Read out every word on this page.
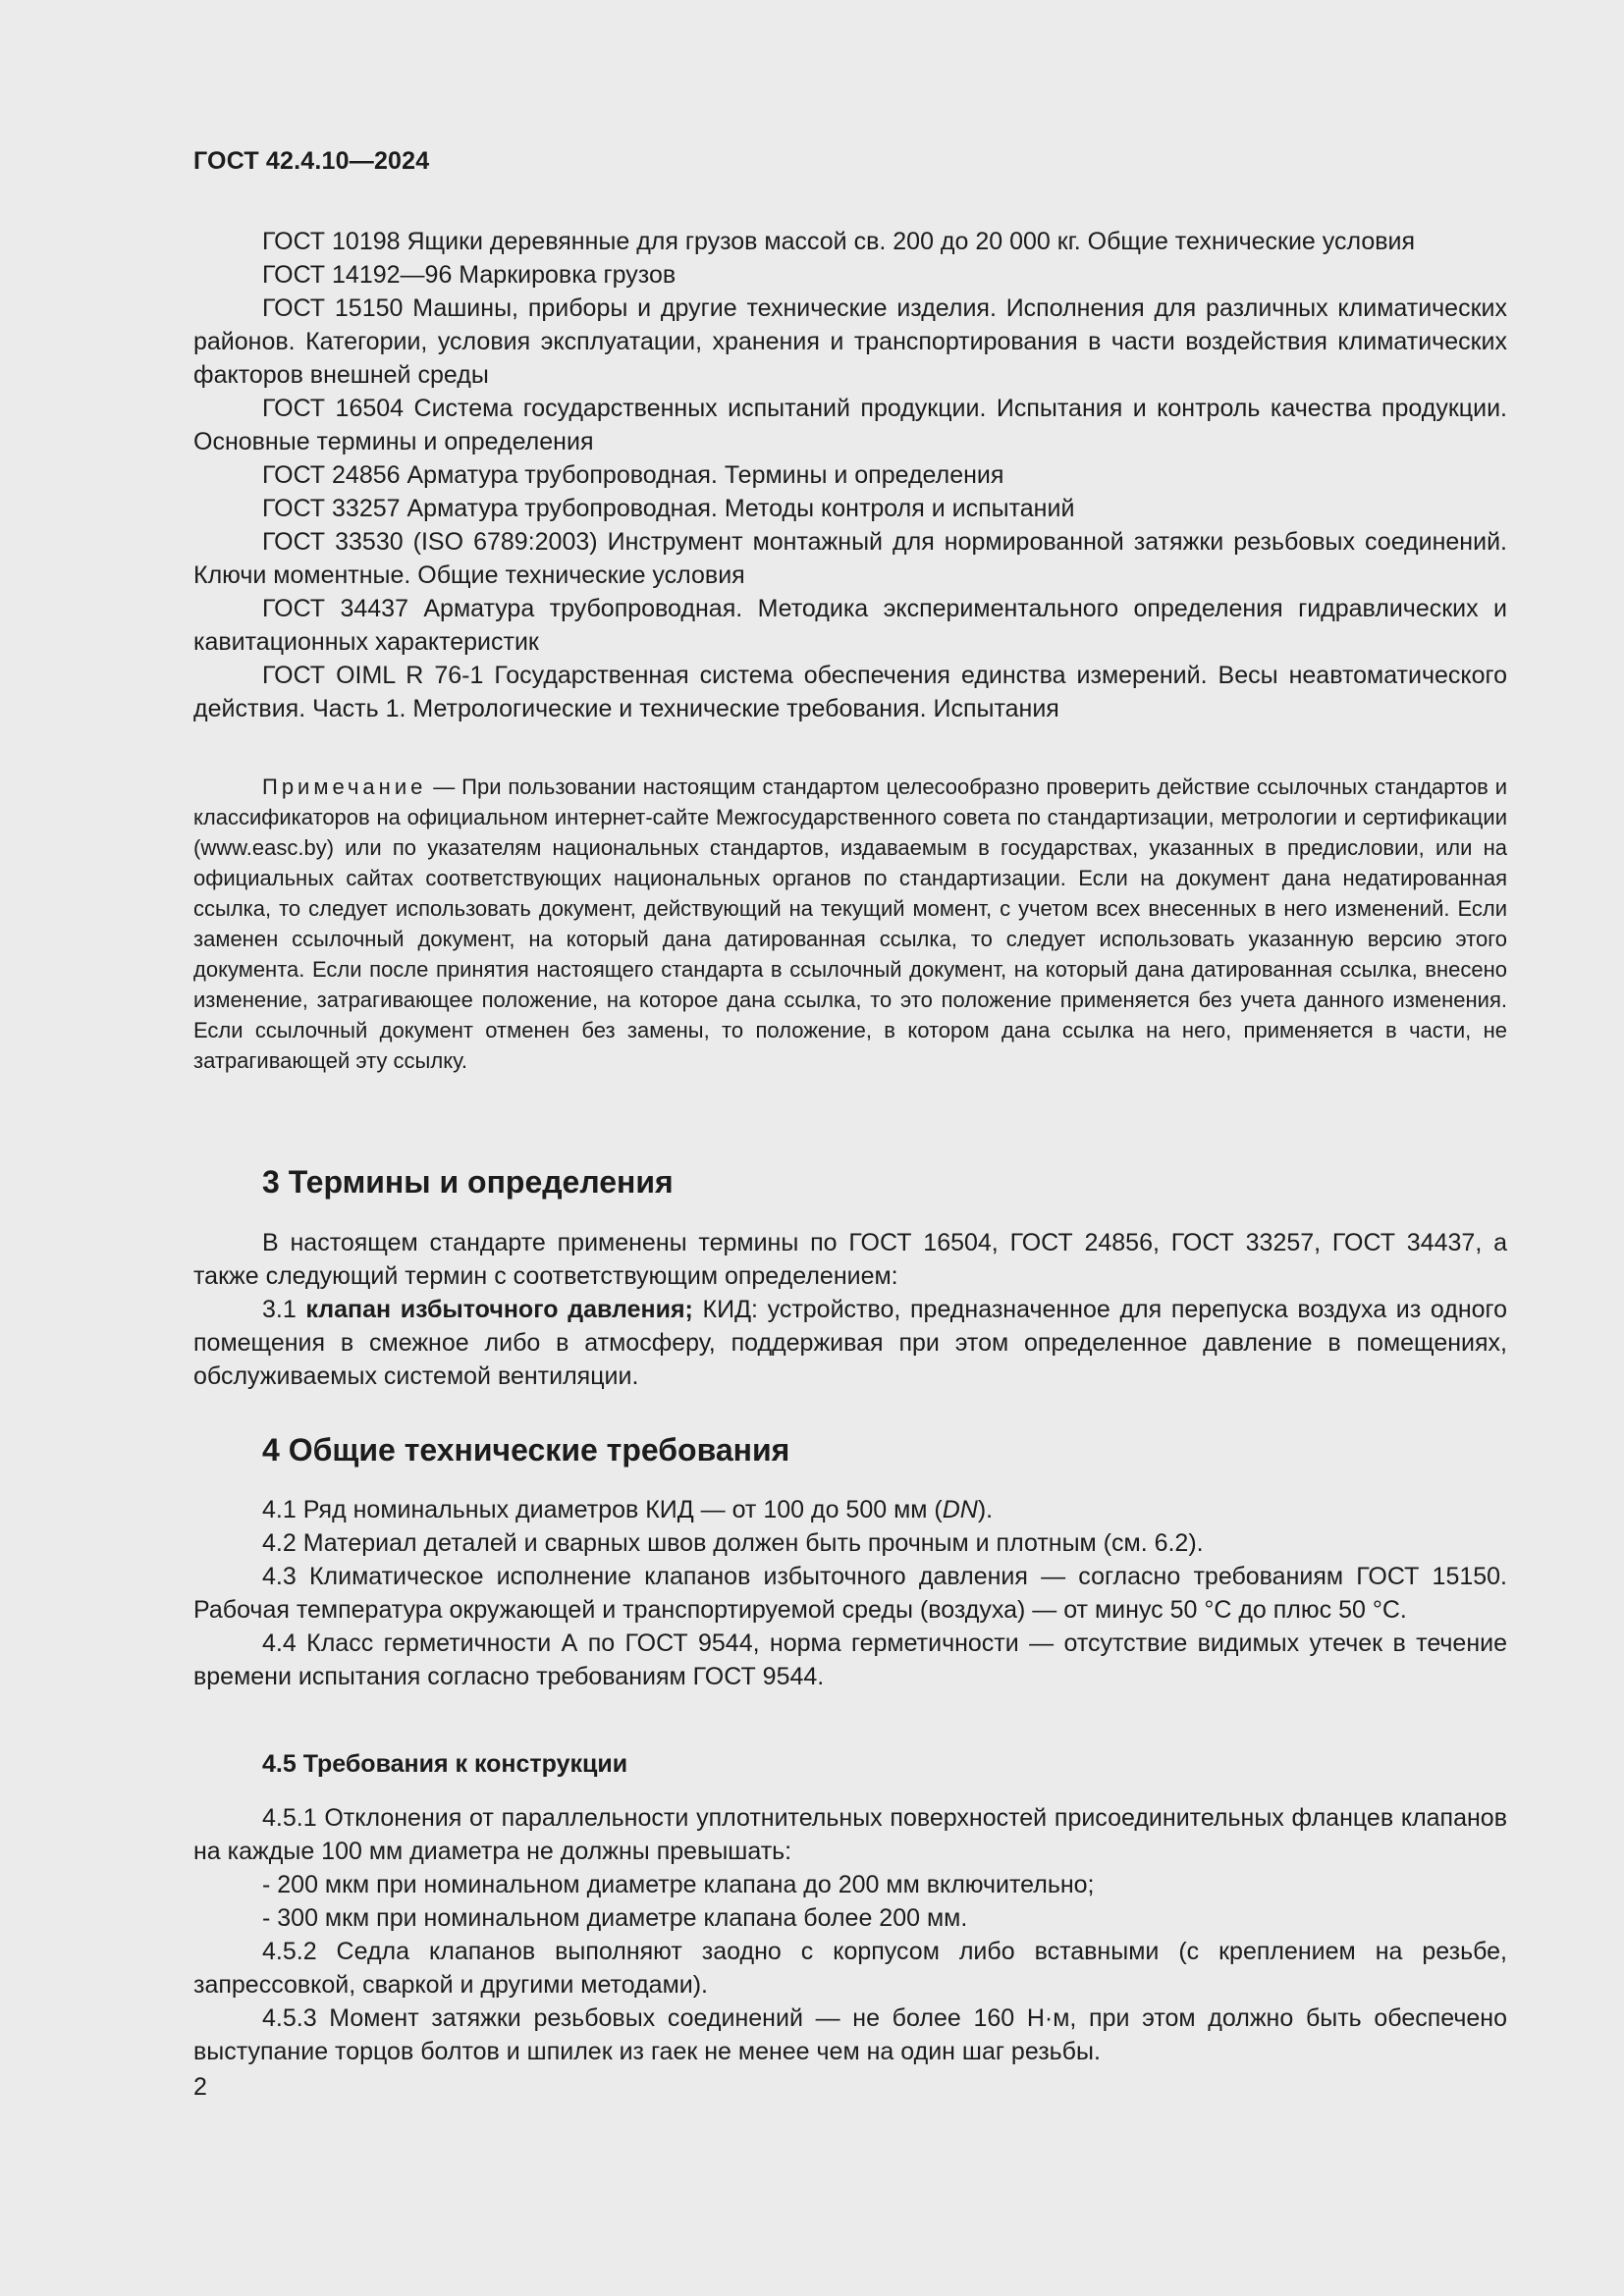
ГОСТ 42.4.10—2024

ГОСТ 10198 Ящики деревянные для грузов массой св. 200 до 20 000 кг. Общие технические условия

ГОСТ 14192—96 Маркировка грузов

ГОСТ 15150 Машины, приборы и другие технические изделия. Исполнения для различных климатических районов. Категории, условия эксплуатации, хранения и транспортирования в части воздействия климатических факторов внешней среды

ГОСТ 16504 Система государственных испытаний продукции. Испытания и контроль качества продукции. Основные термины и определения

ГОСТ 24856 Арматура трубопроводная. Термины и определения

ГОСТ 33257 Арматура трубопроводная. Методы контроля и испытаний

ГОСТ 33530 (ISO 6789:2003) Инструмент монтажный для нормированной затяжки резьбовых соединений. Ключи моментные. Общие технические условия

ГОСТ 34437 Арматура трубопроводная. Методика экспериментального определения гидравлических и кавитационных характеристик

ГОСТ OIML R 76-1 Государственная система обеспечения единства измерений. Весы неавтоматического действия. Часть 1. Метрологические и технические требования. Испытания

Примечание — При пользовании настоящим стандартом целесообразно проверить действие ссылочных стандартов и классификаторов на официальном интернет-сайте Межгосударственного совета по стандартизации, метрологии и сертификации (www.easc.by) или по указателям национальных стандартов, издаваемым в государствах, указанных в предисловии, или на официальных сайтах соответствующих национальных органов по стандартизации. Если на документ дана недатированная ссылка, то следует использовать документ, действующий на текущий момент, с учетом всех внесенных в него изменений. Если заменен ссылочный документ, на который дана датированная ссылка, то следует использовать указанную версию этого документа. Если после принятия настоящего стандарта в ссылочный документ, на который дана датированная ссылка, внесено изменение, затрагивающее положение, на которое дана ссылка, то это положение применяется без учета данного изменения. Если ссылочный документ отменен без замены, то положение, в котором дана ссылка на него, применяется в части, не затрагивающей эту ссылку.

3 Термины и определения

В настоящем стандарте применены термины по ГОСТ 16504, ГОСТ 24856, ГОСТ 33257, ГОСТ 34437, а также следующий термин с соответствующим определением:

3.1 клапан избыточного давления; КИД: устройство, предназначенное для перепуска воздуха из одного помещения в смежное либо в атмосферу, поддерживая при этом определенное давление в помещениях, обслуживаемых системой вентиляции.

4 Общие технические требования

4.1 Ряд номинальных диаметров КИД — от 100 до 500 мм (DN).

4.2 Материал деталей и сварных швов должен быть прочным и плотным (см. 6.2).

4.3 Климатическое исполнение клапанов избыточного давления — согласно требованиям ГОСТ 15150. Рабочая температура окружающей и транспортируемой среды (воздуха) — от минус 50 °С до плюс 50 °С.

4.4 Класс герметичности А по ГОСТ 9544, норма герметичности — отсутствие видимых утечек в течение времени испытания согласно требованиям ГОСТ 9544.

4.5 Требования к конструкции

4.5.1 Отклонения от параллельности уплотнительных поверхностей присоединительных фланцев клапанов на каждые 100 мм диаметра не должны превышать:

- 200 мкм при номинальном диаметре клапана до 200 мм включительно;

- 300 мкм при номинальном диаметре клапана более 200 мм.

4.5.2 Седла клапанов выполняют заодно с корпусом либо вставными (с креплением на резьбе, запрессовкой, сваркой и другими методами).

4.5.3 Момент затяжки резьбовых соединений — не более 160 Н·м, при этом должно быть обеспечено выступание торцов болтов и шпилек из гаек не менее чем на один шаг резьбы.

2
